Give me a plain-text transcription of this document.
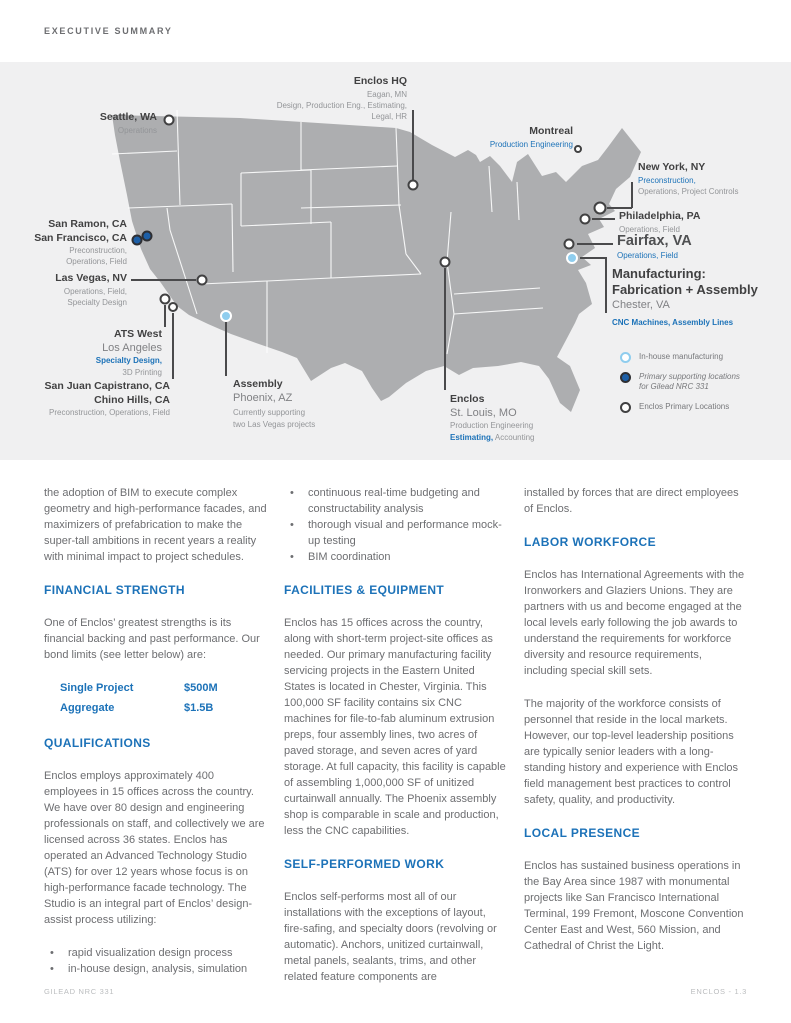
EXECUTIVE SUMMARY
Seattle, WA
Operations
Enclos HQ
Eagan, MN
Design, Production Eng., Estimating, Legal, HR
Montreal
Production Engineering
New York, NY
Preconstruction,
Operations, Project Controls
Philadelphia, PA
Operations, Field
Fairfax, VA
Operations, Field
Manufacturing:
Fabrication + Assembly
Chester, VA
CNC Machines, Assembly Lines
San Ramon, CA
San Francisco, CA
Preconstruction,
Operations, Field
Las Vegas, NV
Operations, Field,
Specialty Design
ATS West
Los Angeles
Specialty Design,
3D Printing
San Juan Capistrano, CA
Chino Hills, CA
Preconstruction, Operations, Field
Assembly
Phoenix, AZ
Currently supporting
two Las Vegas projects
Enclos
St. Louis, MO
Production Engineering
Estimating, Accounting
In-house manufacturing
Primary supporting locations
for Gilead NRC 331
Enclos Primary Locations

the adoption of BIM to execute complex geometry and high-performance facades, and maximizers of prefabrication to make the super-tall ambitions in recent years a reality with minimal impact to project schedules.

FINANCIAL STRENGTH

One of Enclos’ greatest strengths is its financial backing and past performance. Our bond limits (see letter below) are:

Single Project	$500M
Aggregate	$1.5B
QUALIFICATIONS

Enclos employs approximately 400 employees in 15 offices across the country. We have over 80 design and engineering professionals on staff, and collectively we are licensed across 36 states. Enclos has operated an Advanced Technology Studio (ATS) for over 12 years whose focus is on high-performance facade technology. The Studio is an integral part of Enclos’ design-assist process utilizing:

• rapid visualization design process
• in-house design, analysis, simulation
• continuous real-time budgeting and constructability analysis
• thorough visual and performance mock-up testing
• BIM coordination
FACILITIES & EQUIPMENT

Enclos has 15 offices across the country, along with short-term project-site offices as needed. Our primary manufacturing facility servicing projects in the Eastern United States is located in Chester, Virginia. This 100,000 SF facility contains six CNC machines for file-to-fab aluminum extrusion preps, four assembly lines, two acres of paved storage, and seven acres of yard storage. At full capacity, this facility is capable of assembling 1,000,000 SF of unitized curtainwall annually. The Phoenix assembly shop is comparable in scale and production, less the CNC capabilities.

SELF-PERFORMED WORK

Enclos self-performs most all of our installations with the exceptions of layout, fire-safing, and specialty doors (revolving or automatic). Anchors, unitized curtainwall, metal panels, sealants, trims, and other related feature components are

installed by forces that are direct employees of Enclos.

LABOR WORKFORCE

Enclos has International Agreements with the Ironworkers and Glaziers Unions. They are partners with us and become engaged at the local levels early following the job awards to understand the requirements for workforce diversity and resource requirements, including special skill sets.

The majority of the workforce consists of personnel that reside in the local markets. However, our top-level leadership positions are typically senior leaders with a long-standing history and experience with Enclos field management best practices to control safety, quality, and productivity.

LOCAL PRESENCE

Enclos has sustained business operations in the Bay Area since 1987 with monumental projects like San Francisco International Terminal, 199 Fremont, Moscone Convention Center East and West, 560 Mission, and Cathedral of Christ the Light.

GILEAD NRC 331	ENCLOS - 1.3
